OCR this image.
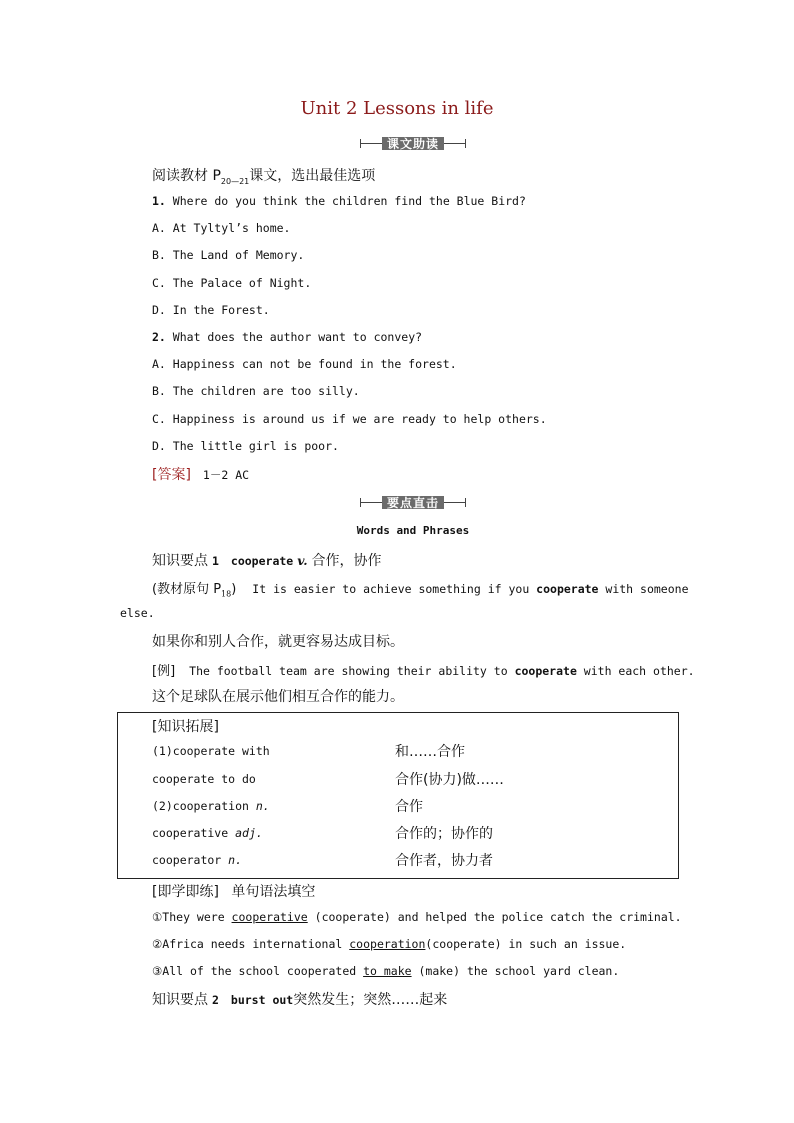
Unit 2 Lessons in life
课文助读
阅读教材 $P_{20—21}$课文，选出最佳选项
1. Where do you think the children find the Blue Bird?
A. At Tyltyl’s home.
B. The Land of Memory.
C. The Palace of Night.
D. In the Forest.
2. What does the author want to convey?
A. Happiness can not be found in the forest.
B. The children are too silly.
C. Happiness is around us if we are ready to help others.
D. The little girl is poor.
[答案] 1－2 AC
要点直击
Words and Phrases
知识要点 1 cooperate v. 合作，协作
(教材原句 $P_{18}$) It is easier to achieve something if you cooperate with someone
else.
如果你和别人合作，就更容易达成目标。
[例] The football team are showing their ability to cooperate with each other.
这个足球队在展示他们相互合作的能力。
[知识拓展]
(1)cooperate with	和……合作
cooperate to do	合作(协力)做……
(2)cooperation n.	合作
cooperative adj.	合作的；协作的
cooperator n.	合作者，协力者
[即学即练] 单句语法填空
①They were cooperative (cooperate) and helped the police catch the criminal.
②Africa needs international cooperation(cooperate) in such an issue.
③All of the school cooperated to make (make) the school yard clean.
知识要点 2 burst out突然发生；突然……起来
